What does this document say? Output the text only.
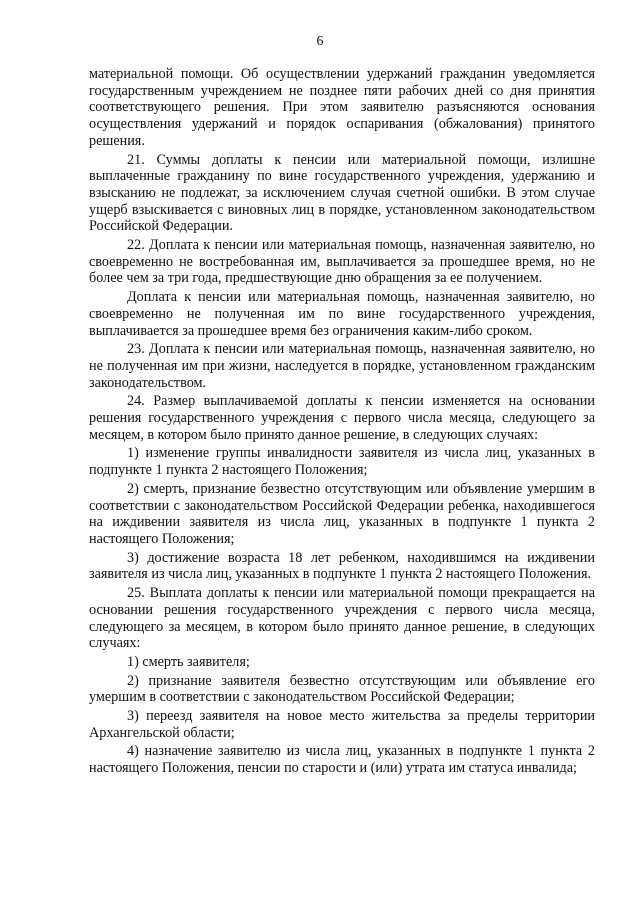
6

материальной помощи. Об осуществлении удержаний гражданин уведомляется государственным учреждением не позднее пяти рабочих дней со дня принятия соответствующего решения. При этом заявителю разъясняются основания осуществления удержаний и порядок оспаривания (обжалования) принятого решения.

21. Суммы доплаты к пенсии или материальной помощи, излишне выплаченные гражданину по вине государственного учреждения, удержанию и взысканию не подлежат, за исключением случая счетной ошибки. В этом случае ущерб взыскивается с виновных лиц в порядке, установленном законодательством Российской Федерации.

22. Доплата к пенсии или материальная помощь, назначенная заявителю, но своевременно не востребованная им, выплачивается за прошедшее время, но не более чем за три года, предшествующие дню обращения за ее получением.

Доплата к пенсии или материальная помощь, назначенная заявителю, но своевременно не полученная им по вине государственного учреждения, выплачивается за прошедшее время без ограничения каким-либо сроком.

23. Доплата к пенсии или материальная помощь, назначенная заявителю, но не полученная им при жизни, наследуется в порядке, установленном гражданским законодательством.

24. Размер выплачиваемой доплаты к пенсии изменяется на основании решения государственного учреждения с первого числа месяца, следующего за месяцем, в котором было принято данное решение, в следующих случаях:

1) изменение группы инвалидности заявителя из числа лиц, указанных в подпункте 1 пункта 2 настоящего Положения;

2) смерть, признание безвестно отсутствующим или объявление умершим в соответствии с законодательством Российской Федерации ребенка, находившегося на иждивении заявителя из числа лиц, указанных в подпункте 1 пункта 2 настоящего Положения;

3) достижение возраста 18 лет ребенком, находившимся на иждивении заявителя из числа лиц, указанных в подпункте 1 пункта 2 настоящего Положения.

25. Выплата доплаты к пенсии или материальной помощи прекращается на основании решения государственного учреждения с первого числа месяца, следующего за месяцем, в котором было принято данное решение, в следующих случаях:

1) смерть заявителя;

2) признание заявителя безвестно отсутствующим или объявление его умершим в соответствии с законодательством Российской Федерации;

3) переезд заявителя на новое место жительства за пределы территории Архангельской области;

4) назначение заявителю из числа лиц, указанных в подпункте 1 пункта 2 настоящего Положения, пенсии по старости и (или) утрата им статуса инвалида;
